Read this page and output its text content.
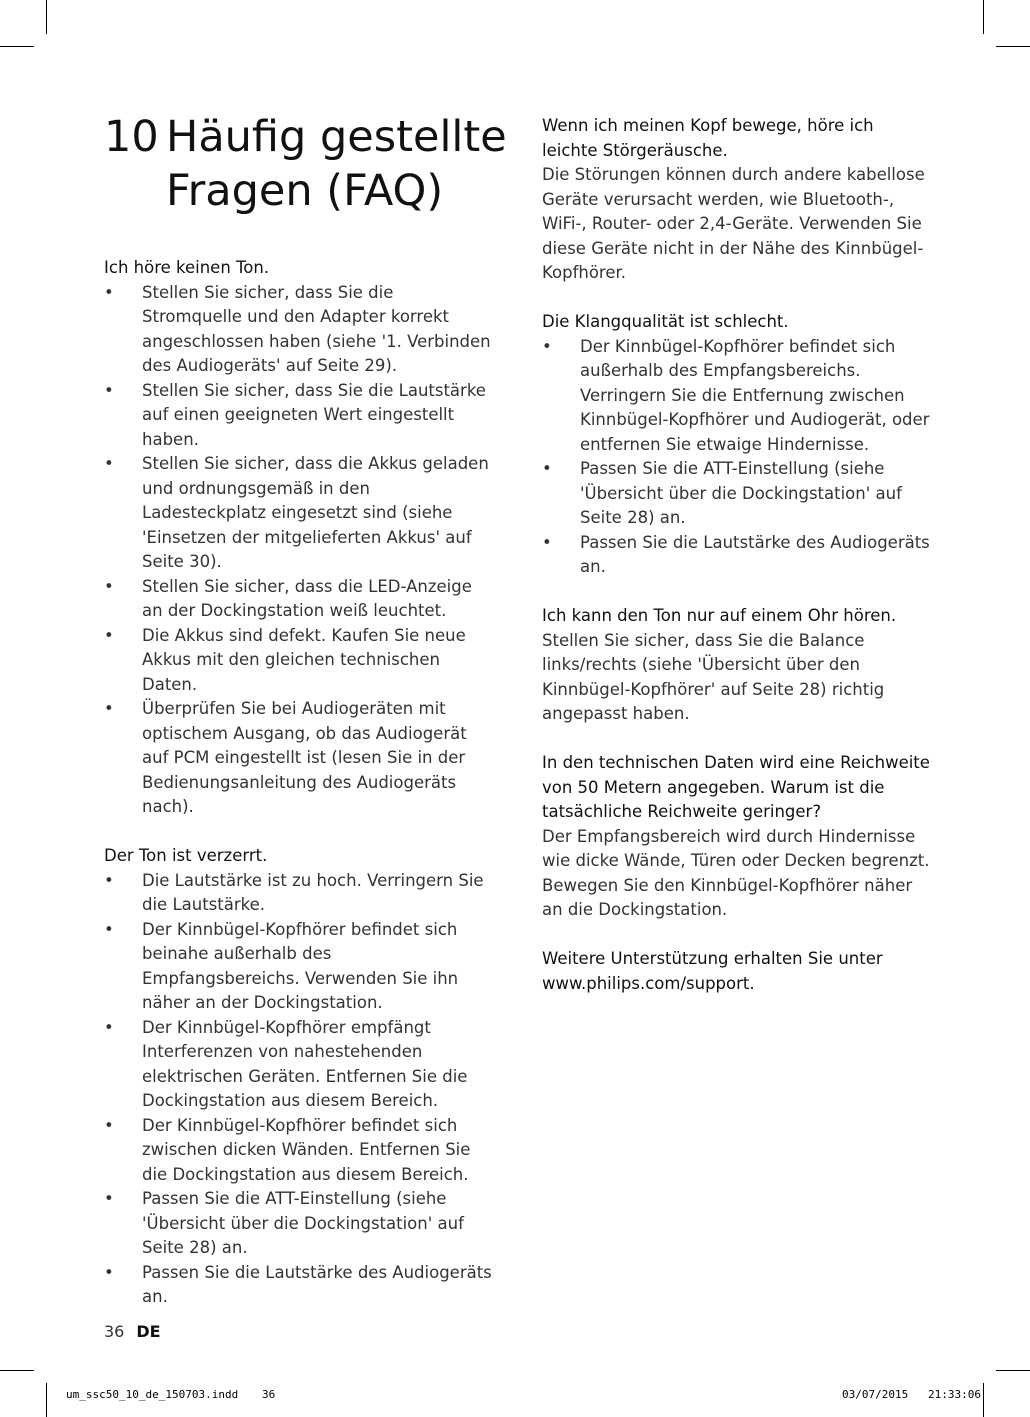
10 Häufig gestellte
Fragen (FAQ)
Ich höre keinen Ton.
• Stellen Sie sicher, dass Sie die Stromquelle und den Adapter korrekt angeschlossen haben (siehe '1. Verbinden des Audiogeräts' auf Seite 29).
• Stellen Sie sicher, dass Sie die Lautstärke auf einen geeigneten Wert eingestellt haben.
• Stellen Sie sicher, dass die Akkus geladen und ordnungsgemäß in den Ladesteckplatz eingesetzt sind (siehe 'Einsetzen der mitgelieferten Akkus' auf Seite 30).
• Stellen Sie sicher, dass die LED-Anzeige an der Dockingstation weiß leuchtet.
• Die Akkus sind defekt. Kaufen Sie neue Akkus mit den gleichen technischen Daten.
• Überprüfen Sie bei Audiogeräten mit optischem Ausgang, ob das Audiogerät auf PCM eingestellt ist (lesen Sie in der Bedienungsanleitung des Audiogeräts nach).
Der Ton ist verzerrt.
• Die Lautstärke ist zu hoch. Verringern Sie die Lautstärke.
• Der Kinnbügel-Kopfhörer befindet sich beinahe außerhalb des Empfangsbereichs. Verwenden Sie ihn näher an der Dockingstation.
• Der Kinnbügel-Kopfhörer empfängt Interferenzen von nahestehenden elektrischen Geräten. Entfernen Sie die Dockingstation aus diesem Bereich.
• Der Kinnbügel-Kopfhörer befindet sich zwischen dicken Wänden. Entfernen Sie die Dockingstation aus diesem Bereich.
• Passen Sie die ATT-Einstellung (siehe 'Übersicht über die Dockingstation' auf Seite 28) an.
• Passen Sie die Lautstärke des Audiogeräts an.
Wenn ich meinen Kopf bewege, höre ich leichte Störgeräusche.

Die Störungen können durch andere kabellose Geräte verursacht werden, wie Bluetooth-, WiFi-, Router- oder 2,4-Geräte. Verwenden Sie diese Geräte nicht in der Nähe des Kinnbügel-Kopfhörer.

Die Klangqualität ist schlecht.
• Der Kinnbügel-Kopfhörer befindet sich außerhalb des Empfangsbereichs. Verringern Sie die Entfernung zwischen Kinnbügel-Kopfhörer und Audiogerät, oder entfernen Sie etwaige Hindernisse.
• Passen Sie die ATT-Einstellung (siehe 'Übersicht über die Dockingstation' auf Seite 28) an.
• Passen Sie die Lautstärke des Audiogeräts an.
Ich kann den Ton nur auf einem Ohr hören.

Stellen Sie sicher, dass Sie die Balance links/rechts (siehe 'Übersicht über den Kinnbügel-Kopfhörer' auf Seite 28) richtig angepasst haben.

In den technischen Daten wird eine Reichweite von 50 Metern angegeben. Warum ist die tatsächliche Reichweite geringer?

Der Empfangsbereich wird durch Hindernisse wie dicke Wände, Türen oder Decken begrenzt. Bewegen Sie den Kinnbügel-Kopfhörer näher an die Dockingstation.

Weitere Unterstützung erhalten Sie unter www.philips.com/support.
36 DE
um_ssc50_10_de_150703.indd 36	03/07/2015 21:33:06
